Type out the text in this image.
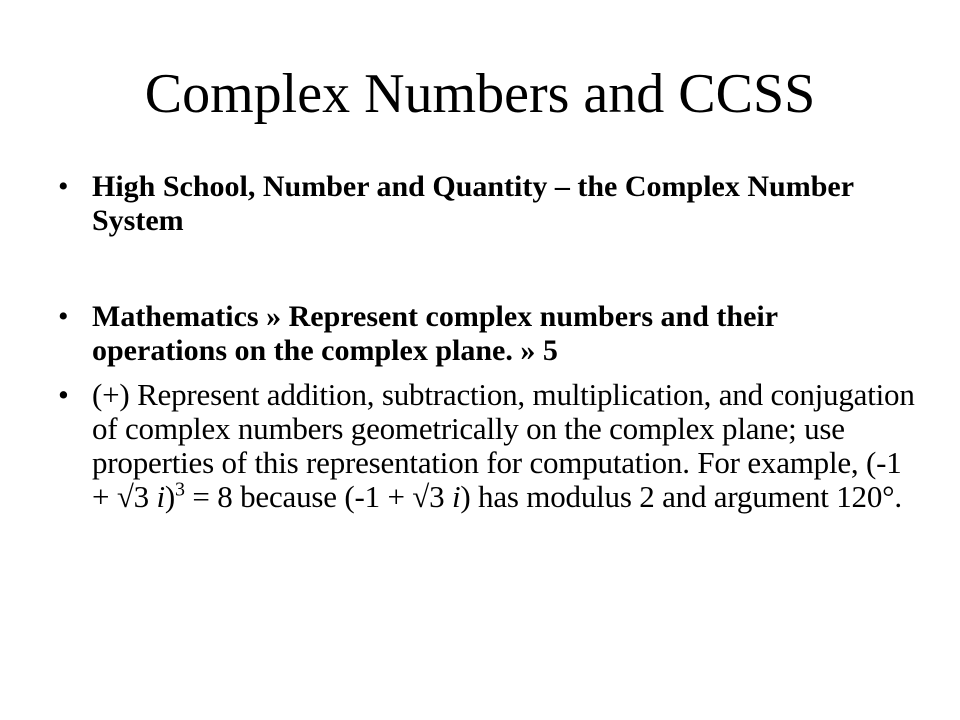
Complex Numbers and CCSS
• High School, Number and Quantity – the Complex Number System
• Mathematics » Represent complex numbers and their operations on the complex plane. » 5
• (+) Represent addition, subtraction, multiplication, and conjugation of complex numbers geometrically on the complex plane; use properties of this representation for computation. For example, (-1 + √3 i)$^3$ = 8 because (-1 + √3 i) has modulus 2 and argument 120°.
